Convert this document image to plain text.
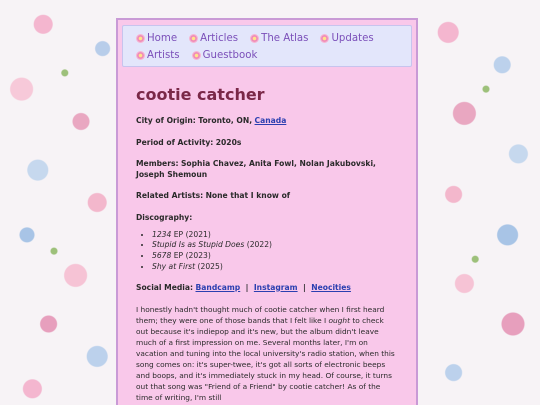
Home Articles The Atlas Updates
Artists Guestbook
cootie catcher

City of Origin: Toronto, ON, Canada

Period of Activity: 2020s

Members: Sophia Chavez, Anita Fowl, Nolan Jakubovski, Joseph Shemoun

Related Artists: None that I know of

Discography:

• 1234 EP (2021)
• Stupid Is as Stupid Does (2022)
• 5678 EP (2023)
• Shy at First (2025)

Social Media: Bandcamp | Instagram | Neocities

I honestly hadn't thought much of cootie catcher when I first heard them; they were one of those bands that I felt like I ought to check out because it's indiepop and it's new, but the album didn't leave much of a first impression on me. Several months later, I'm on vacation and tuning into the local university's radio station, when this song comes on: it's super-twee, it's got all sorts of electronic beeps and boops, and it's immediately stuck in my head. Of course, it turns out that song was "Friend of a Friend" by cootie catcher! As of the time of writing, I'm still
